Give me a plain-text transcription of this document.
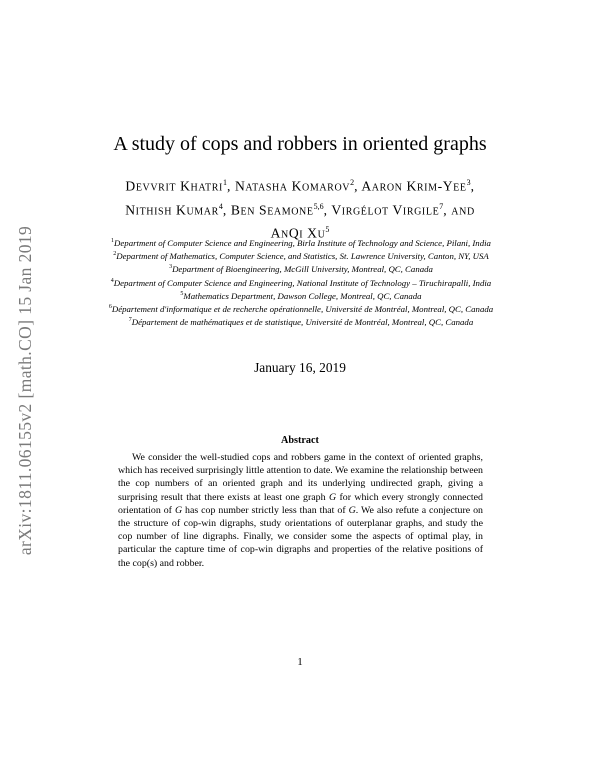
arXiv:1811.06155v2 [math.CO] 15 Jan 2019
A study of cops and robbers in oriented graphs
Devvrit Khatri$^1$, Natasha Komarov$^2$, Aaron Krim-Yee$^3$,
Nithish Kumar$^4$, Ben Seamone$^{5,6}$, Virgélot Virgile$^7$, and
AnQi Xu$^5$
$^1$Department of Computer Science and Engineering, Birla Institute of Technology and Science, Pilani, India
$^2$Department of Mathematics, Computer Science, and Statistics, St. Lawrence University, Canton, NY, USA
$^3$Department of Bioengineering, McGill University, Montreal, QC, Canada
$^4$Department of Computer Science and Engineering, National Institute of Technology – Tiruchirapalli, India
$^5$Mathematics Department, Dawson College, Montreal, QC, Canada
$^6$Département d'informatique et de recherche opérationnelle, Université de Montréal, Montreal, QC, Canada
$^7$Département de mathématiques et de statistique, Université de Montréal, Montreal, QC, Canada
January 16, 2019
Abstract
We consider the well-studied cops and robbers game in the context of oriented graphs, which has received surprisingly little attention to date. We examine the relationship between the cop numbers of an oriented graph and its underlying undirected graph, giving a surprising result that there exists at least one graph G for which every strongly connected orientation of G has cop number strictly less than that of G. We also refute a conjecture on the structure of cop-win digraphs, study orientations of outerplanar graphs, and study the cop number of line digraphs. Finally, we consider some the aspects of optimal play, in particular the capture time of cop-win digraphs and properties of the relative positions of the cop(s) and robber.
1
